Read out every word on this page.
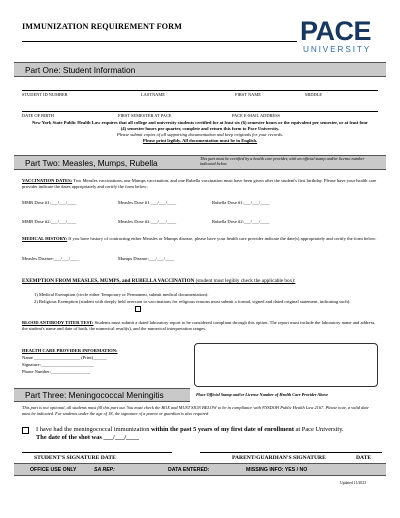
IMMUNIZATION REQUIREMENT FORM	PACE
UNIVERSITY
Part One: Student Information
STUDENT ID NUMBER	LASTNAME	FIRST NAME	MIDDLE
DATE OF BIRTH	FIRST SEMESTER AT PACE	PACE E-MAIL ADDRESS
New York State Public Health Law requires that all college and university students certified for at least six (6) semester hours or the equivalent per semester, or at least four (4) semester hours per quarter, complete and return this form to Pace University.
Please submit copies of all supporting documentation and keep originals for your records.
Please print legibly. All documentation must be in English.
Part Two: Measles, Mumps, Rubella	This part must be certified by a health care provider, with an official stamp and/or license number indicated below.
VACCINATION DATES: Two Measles vaccinations, one Mumps vaccination, and one Rubella vaccination must have been given after the student's first birthday. Please have your health care provider indicate the dates appropriately and certify the form below:
MMR Dose #1:___/___/____	Measles Dose #1:___/___/____	Rubella Dose #1:___/___/____
MMR Dose #2:___/___/____	Measles Dose #2:___/___/____	Rubella Dose #2:___/___/____
MEDICAL HISTORY: If you have history of contracting either Measles or Mumps disease, please have your health care provider indicate the date(s) appropriately and certify the form below:
Measles Disease:___/___/____	Mumps Disease:___/___/____
EXEMPTION FROM MEASLES, MUMPS, and RUBELLA VACCINATION (student must legibly check the applicable box):
1) Medical Exemption (circle either Temporary or Permanent, submit medical documentation):
2) Religious Exemption (student with deeply held aversion to vaccinations for religious reasons must submit a formal, signed and dated original statement, indicating such):
BLOOD ANTIBODY TITER TEST: Students must submit a dated laboratory report to be considered compliant through this option. The report must include the laboratory name and address, the student's name and date of birth, the numerical result(s), and the numerical interpretation ranges.
HEALTH CARE PROVIDER INFORMATION:
Name ____________________ (Print)______
Signature:_______________________
Phone Number:_________________
Part Three: Meningococcal Meningitis	Place Official Stamp and/or License Number of Health Care Provider Above
This part is not optional, all students must fill this part out. You must check the BOX and MUST SIGN BELOW to be in compliance with NYSDOH Public Health Law 2167. Please note, a valid date must be indicated. For students under the age of 18, the signature of a parent or guardian is also required.
I have had the meningococcal immunization within the past 5 years of my first date of enrollment at Pace University.
The date of the shot was ___/___/____
STUDENT'S SIGNATURE DATE	PARENT/GUARDIAN'S SIGNATURE	DATE
OFFICE USE ONLY	SA REP:	DATA ENTERED:	MISSING INFO: YES / NO
Updated 11/2023
